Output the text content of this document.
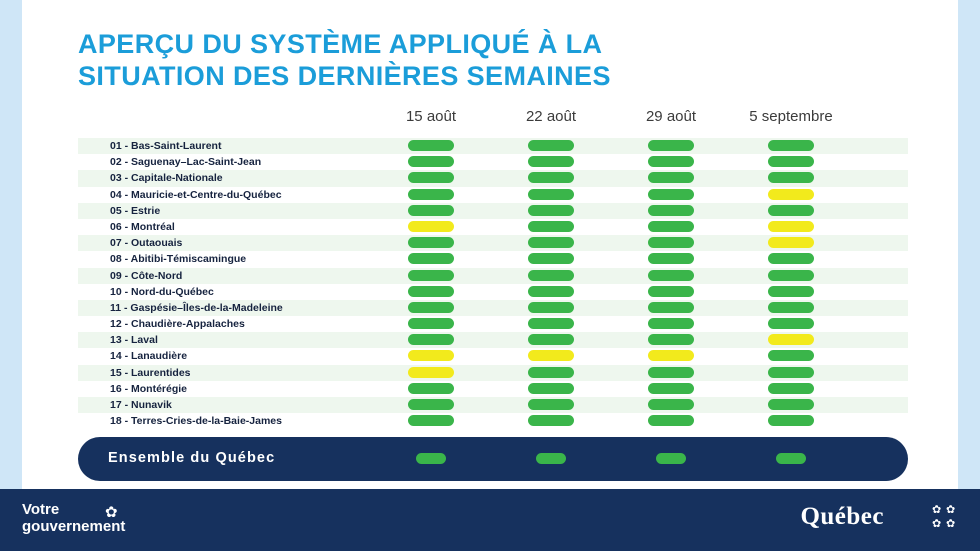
APERÇU DU SYSTÈME APPLIQUÉ À LA
SITUATION DES DERNIÈRES SEMAINES
15 août	22 août	29 août	5 septembre
01 - Bas-Saint-Laurent
02 - Saguenay–Lac-Saint-Jean
03 - Capitale-Nationale
04 - Mauricie-et-Centre-du-Québec
05 - Estrie
06 - Montréal
07 - Outaouais
08 - Abitibi-Témiscamingue
09 - Côte-Nord
10 - Nord-du-Québec
11 - Gaspésie–Îles-de-la-Madeleine
12 - Chaudière-Appalaches
13 - Laval
14 - Lanaudière
15 - Laurentides
16 - Montérégie
17 - Nunavik
18 - Terres-Cries-de-la-Baie-James
Ensemble du Québec
Votre
gouvernement
✿	Québec	✿ ✿
✿ ✿
